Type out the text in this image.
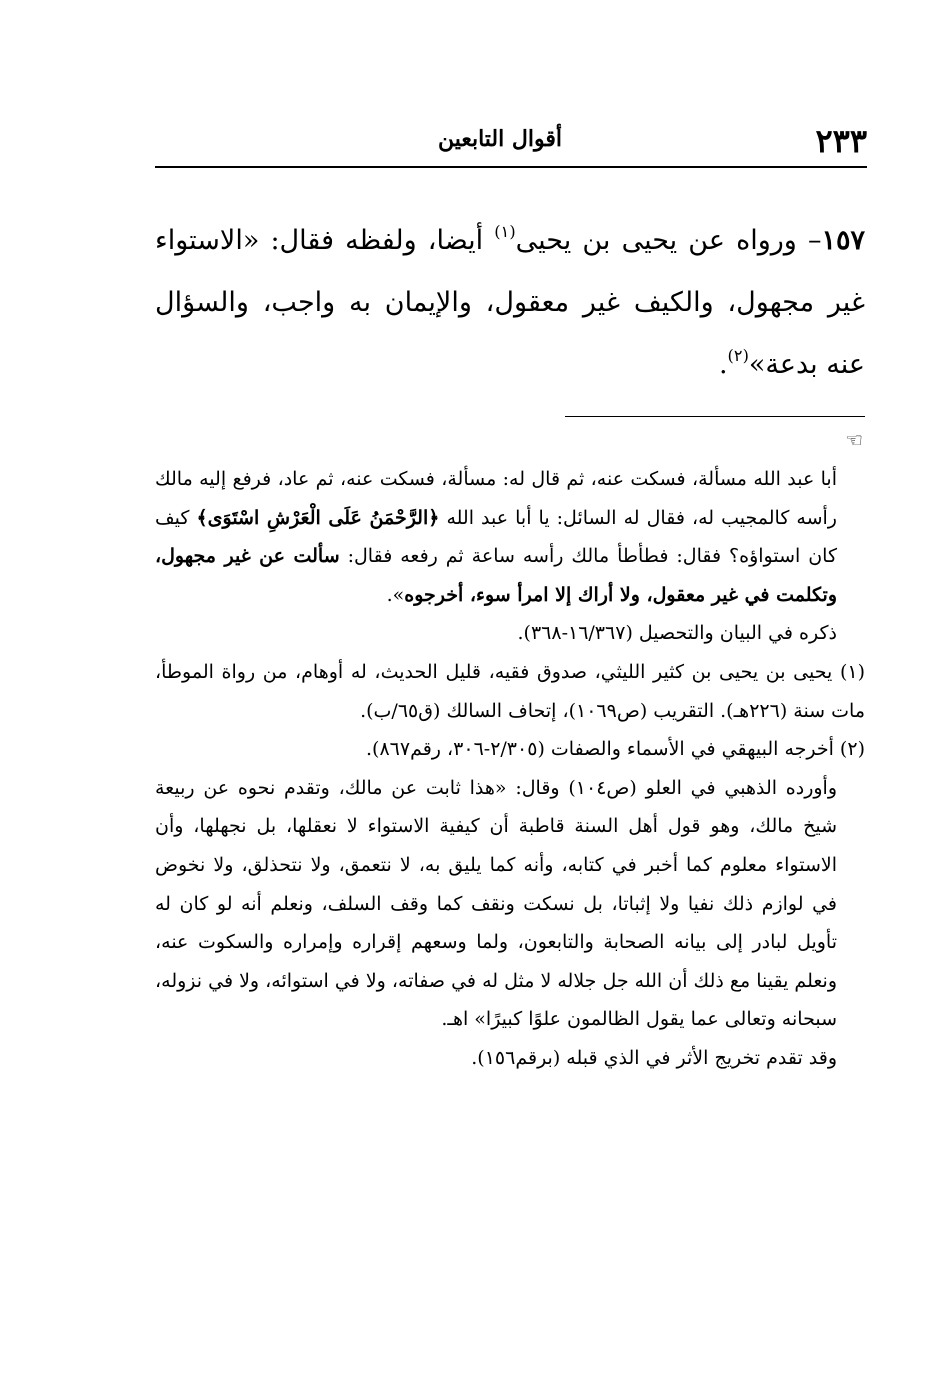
٢٣٣
أقوال التابعين
١٥٧– ورواه عن يحيى بن يحيى$^{(١)}$ أيضا، ولفظه فقال: «الاستواء غير مجهول، والكيف غير معقول، والإيمان به واجب، والسؤال عنه بدعة»$^{(٢)}$.
☜

أبا عبد الله مسألة، فسكت عنه، ثم قال له: مسألة، فسكت عنه، ثم عاد، فرفع إليه مالك رأسه كالمجيب له، فقال له السائل: يا أبا عبد الله ﴿الرَّحْمَنُ عَلَى الْعَرْشِ اسْتَوَى﴾ كيف كان استواؤه؟ فقال: فطأطأ مالك رأسه ساعة ثم رفعه فقال: سألت عن غير مجهول، وتكلمت في غير معقول، ولا أراك إلا امرأ سوء، أخرجوه».

ذكره في البيان والتحصيل (١٦/٣٦٧-٣٦٨).

(١) يحيى بن يحيى بن كثير الليثي، صدوق فقيه، قليل الحديث، له أوهام، من رواة الموطأ، مات سنة (٢٢٦هـ). التقريب (ص١٠٦٩)، إتحاف السالك (ق٦٥/ب).

(٢) أخرجه البيهقي في الأسماء والصفات (٢/٣٠٥-٣٠٦، رقم٨٦٧).

وأورده الذهبي في العلو (ص١٠٤) وقال: «هذا ثابت عن مالك، وتقدم نحوه عن ربيعة شيخ مالك، وهو قول أهل السنة قاطبة أن كيفية الاستواء لا نعقلها، بل نجهلها، وأن الاستواء معلوم كما أخبر في كتابه، وأنه كما يليق به، لا نتعمق، ولا نتحذلق، ولا نخوض في لوازم ذلك نفيا ولا إثباتا، بل نسكت ونقف كما وقف السلف، ونعلم أنه لو كان له تأويل لبادر إلى بيانه الصحابة والتابعون، ولما وسعهم إقراره وإمراره والسكوت عنه، ونعلم يقينا مع ذلك أن الله جل جلاله لا مثل له في صفاته، ولا في استوائه، ولا في نزوله، سبحانه وتعالى عما يقول الظالمون علوًا كبيرًا» اهـ.

وقد تقدم تخريج الأثر في الذي قبله (برقم١٥٦).
